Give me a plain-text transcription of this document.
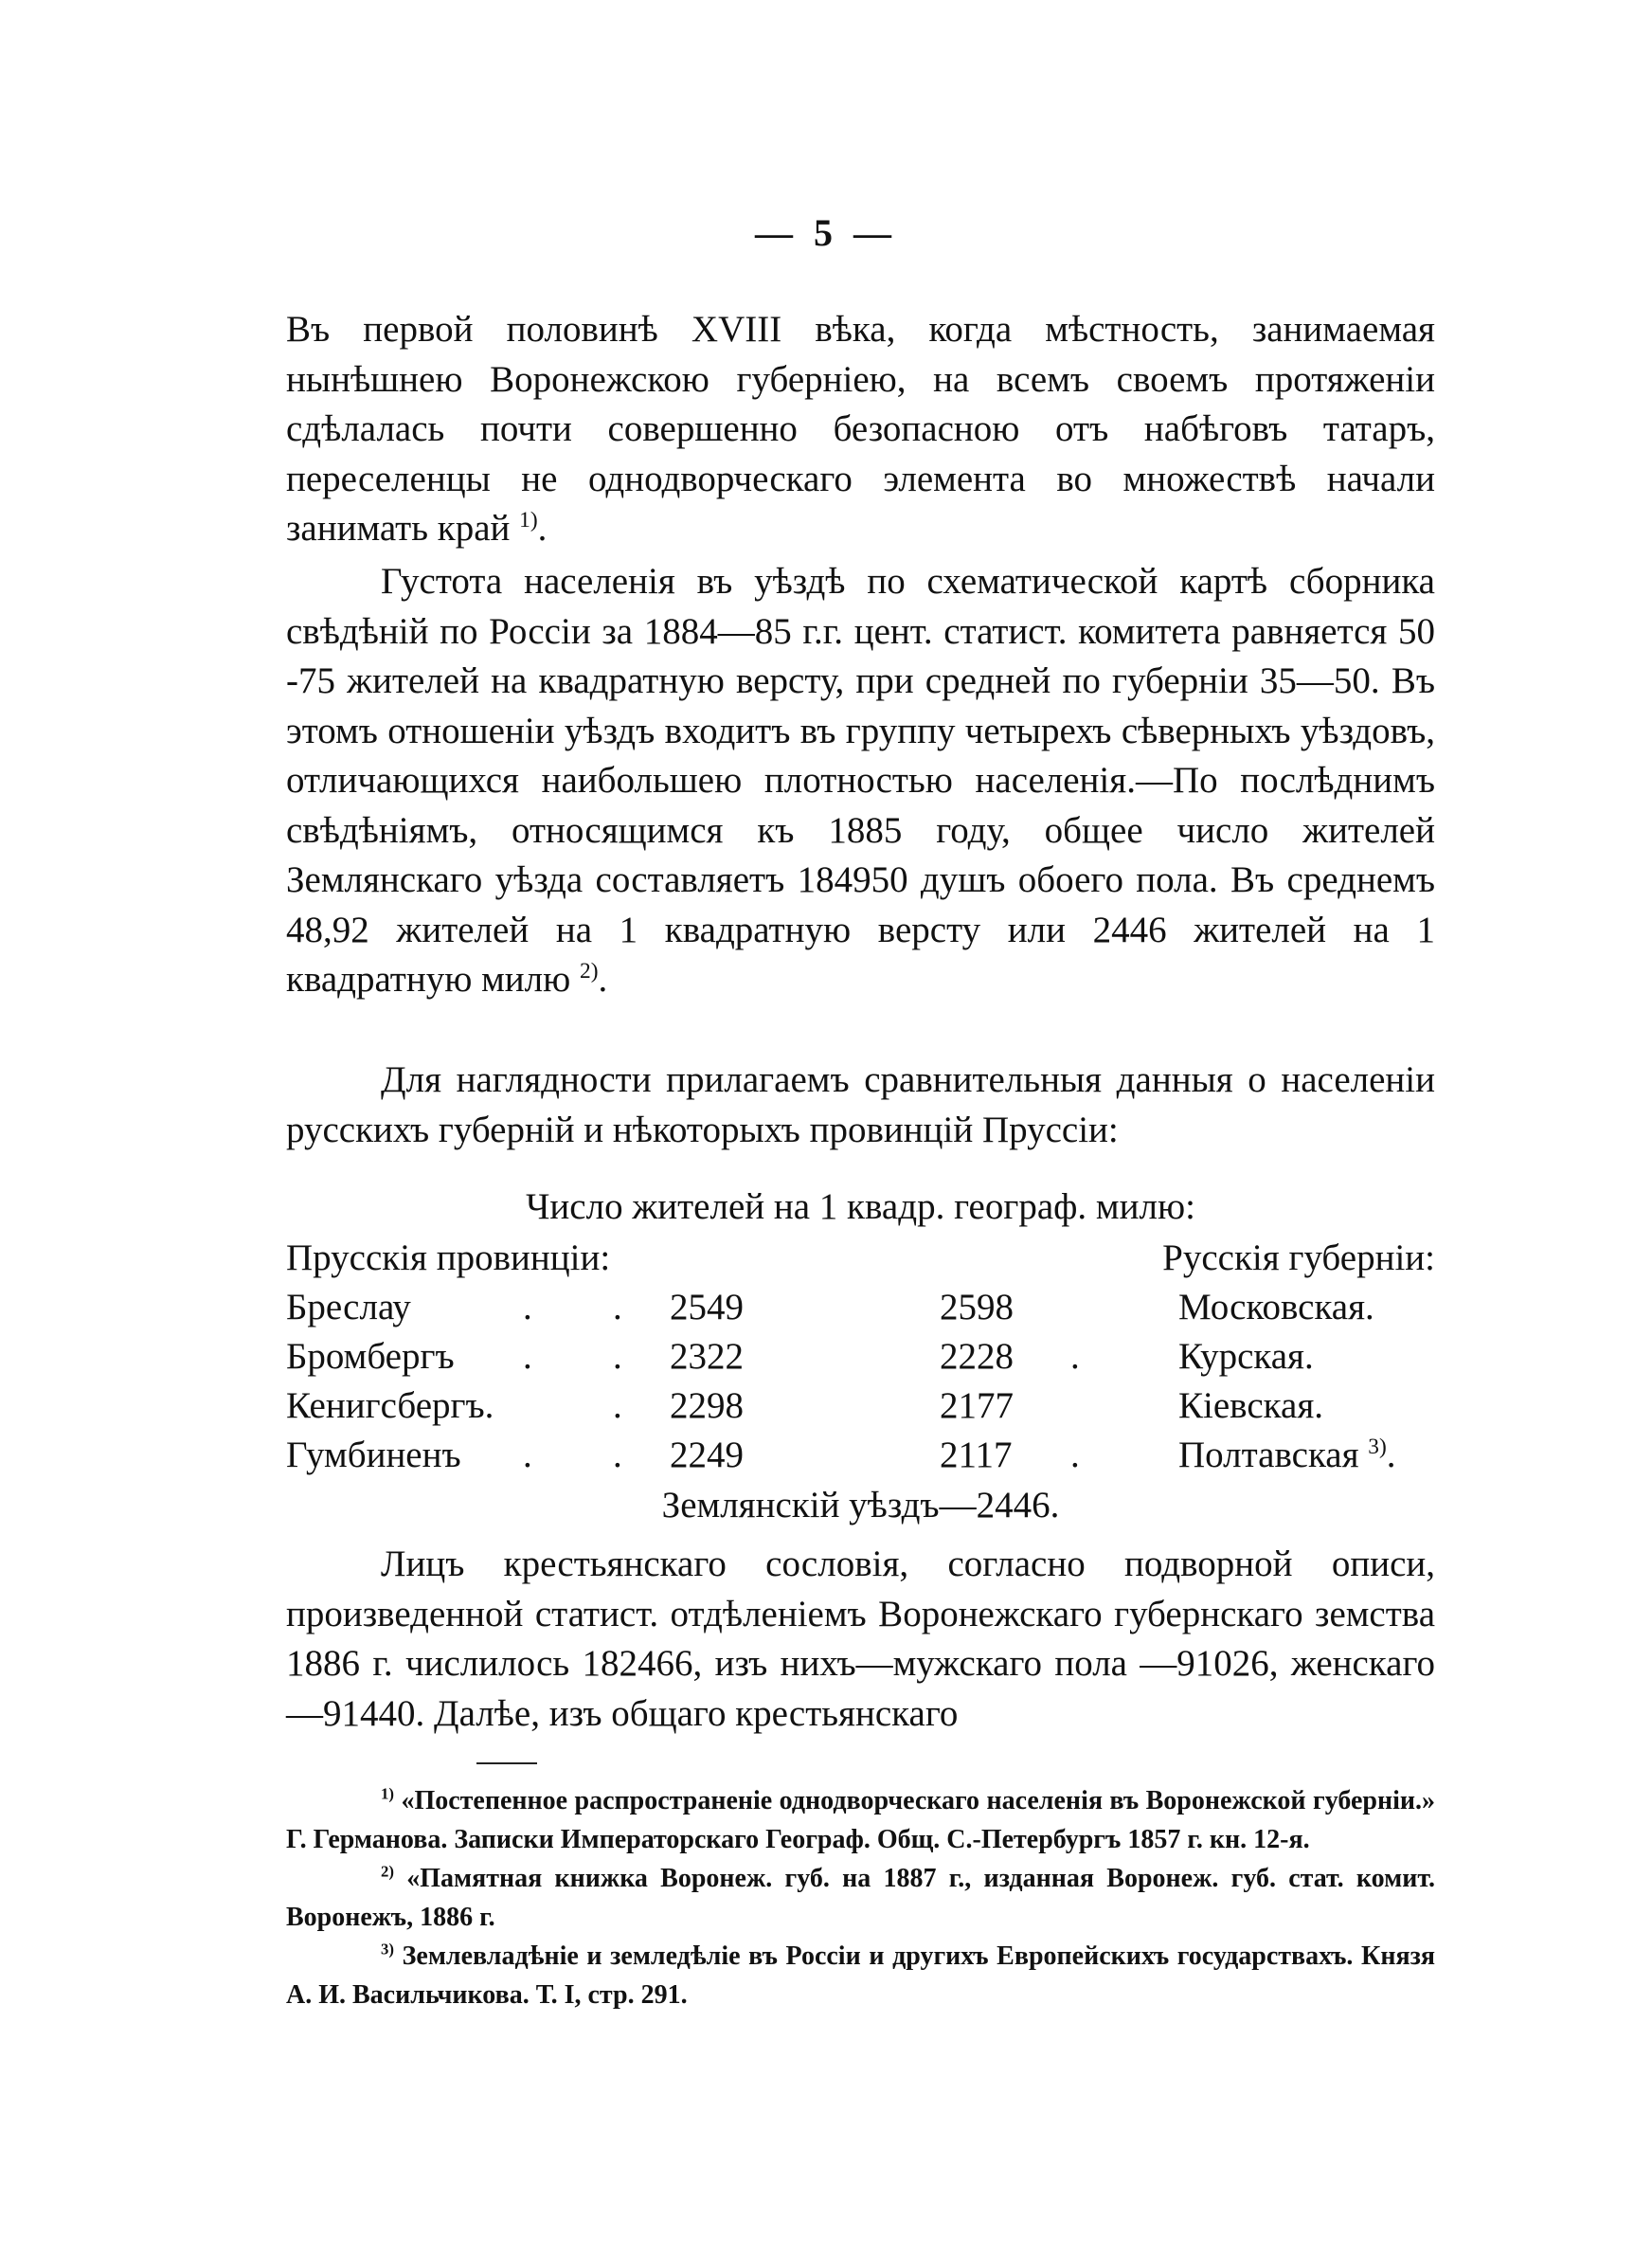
— 5 —

Въ первой половинѣ XVIII вѣка, когда мѣстность, занимаемая нынѣшнею Воронежскою губерніею, на всемъ своемъ протяженіи сдѣлалась почти совершенно безопасною отъ набѣговъ татаръ, переселенцы не однодворческаго элемента во множествѣ начали занимать край $^{1)}$.

Густота населенія въ уѣздѣ по схематической картѣ сборника свѣдѣній по Россіи за 1884—85 г.г. цент. статист. комитета равняется 50 -75 жителей на квадратную версту, при средней по губерніи 35—50. Въ этомъ отношеніи уѣздъ входитъ въ группу четырехъ сѣверныхъ уѣздовъ, отличающихся наибольшею плотностью населенія.—По послѣднимъ свѣдѣніямъ, относящимся къ 1885 году, общее число жителей Землянскаго уѣзда составляетъ 184950 душъ обоего пола. Въ среднемъ 48,92 жителей на 1 квадратную версту или 2446 жителей на 1 квадратную милю $^{2)}$.

Для наглядности прилагаемъ сравнительныя данныя о населеніи русскихъ губерній и нѣкоторыхъ провинцій Пруссіи:

Число жителей на 1 квадр. географ. милю:
Прусскія провинціи:	Русскія губерніи:
Бреслау	. . 2549	2598	Московская.
Бромбергъ . . 2322	2228 .	Курская.
Кенигсбергъ.	. 2298	2177	Кіевская.
Гумбиненъ . . 2249	2117 .	Полтавская $^{3)}$.
Землянскій уѣздъ—2446.

Лицъ крестьянскаго сословія, согласно подворной описи, произведенной статист. отдѣленіемъ Воронежскаго губернскаго земства 1886 г. числилось 182466, изъ нихъ—мужскаго пола —91026, женскаго—91440. Далѣе, изъ общаго крестьянскаго

$^{1)}$ «Постепенное распространеніе однодворческаго населенія въ Воронежской губерніи.» Г. Германова. Записки Императорскаго Географ. Общ. С.-Петербургъ 1857 г. кн. 12-я.

$^{2)}$ «Памятная книжка Воронеж. губ. на 1887 г., изданная Воронеж. губ. стат. комит. Воронежъ, 1886 г.

$^{3)}$ Землевладѣніе и земледѣліе въ Россіи и другихъ Европейскихъ государствахъ. Князя А. И. Васильчикова. Т. I, стр. 291.
